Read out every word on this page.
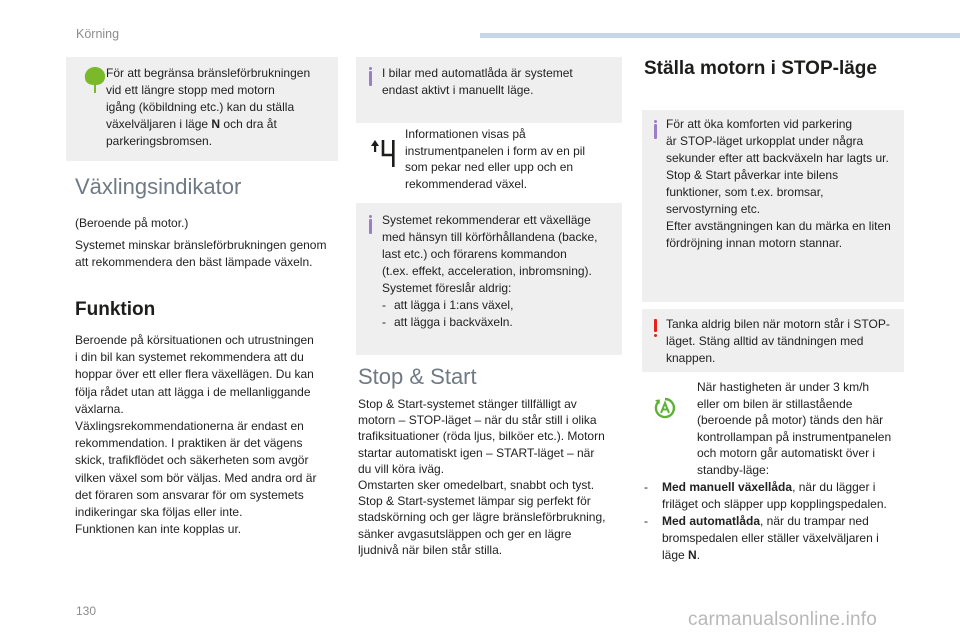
Körning

För att begränsa bränsleförbrukningen

vid ett längre stopp med motorn

igång (köbildning etc.) kan du ställa

växelväljaren i läge N och dra åt

parkeringsbromsen.

Växlingsindikator

(Beroende på motor.)

Systemet minskar bränsleförbrukningen genom

att rekommendera den bäst lämpade växeln.

Funktion

Beroende på körsituationen och utrustningen

i din bil kan systemet rekommendera att du

hoppar över ett eller flera växellägen. Du kan

följa rådet utan att lägga i de mellanliggande

växlarna.

Växlingsrekommendationerna är endast en

rekommendation. I praktiken är det vägens

skick, trafikflödet och säkerheten som avgör

vilken växel som bör väljas. Med andra ord är

det föraren som ansvarar för om systemets

indikeringar ska följas eller inte.

Funktionen kan inte kopplas ur.

I bilar med automatlåda är systemet

endast aktivt i manuellt läge.

Informationen visas på

instrumentpanelen i form av en pil

som pekar ned eller upp och en

rekommenderad växel.

Systemet rekommenderar ett växelläge

med hänsyn till körförhållandena (backe,

last etc.) och förarens kommandon

(t.ex. effekt, acceleration, inbromsning).

Systemet föreslår aldrig:

- att lägga i 1:ans växel,
- att lägga i backväxeln.
Stop & Start

Stop & Start-systemet stänger tillfälligt av

motorn – STOP-läget – när du står still i olika

trafiksituationer (röda ljus, bilköer etc.). Motorn

startar automatiskt igen – START-läget – när

du vill köra iväg.

Omstarten sker omedelbart, snabbt och tyst.

Stop & Start-systemet lämpar sig perfekt för

stadskörning och ger lägre bränsleförbrukning,

sänker avgasutsläppen och ger en lägre

ljudnivå när bilen står stilla.

Ställa motorn i STOP-läge

För att öka komforten vid parkering

är STOP-läget urkopplat under några

sekunder efter att backväxeln har lagts ur.

Stop & Start påverkar inte bilens

funktioner, som t.ex. bromsar,

servostyrning etc.

Efter avstängningen kan du märka en liten

fördröjning innan motorn stannar.

Tanka aldrig bilen när motorn står i STOP-

läget. Stäng alltid av tändningen med

knappen.

När hastigheten är under 3 km/h

eller om bilen är stillastående

(beroende på motor) tänds den här

kontrollampan på instrumentpanelen

och motorn går automatiskt över i

standby-läge:

- Med manuell växellåda, när du lägger i
friläget och släpper upp kopplingspedalen.
- Med automatlåda, när du trampar ned
bromspedalen eller ställer växelväljaren i
läge N.
130	carmanualsonline.info
